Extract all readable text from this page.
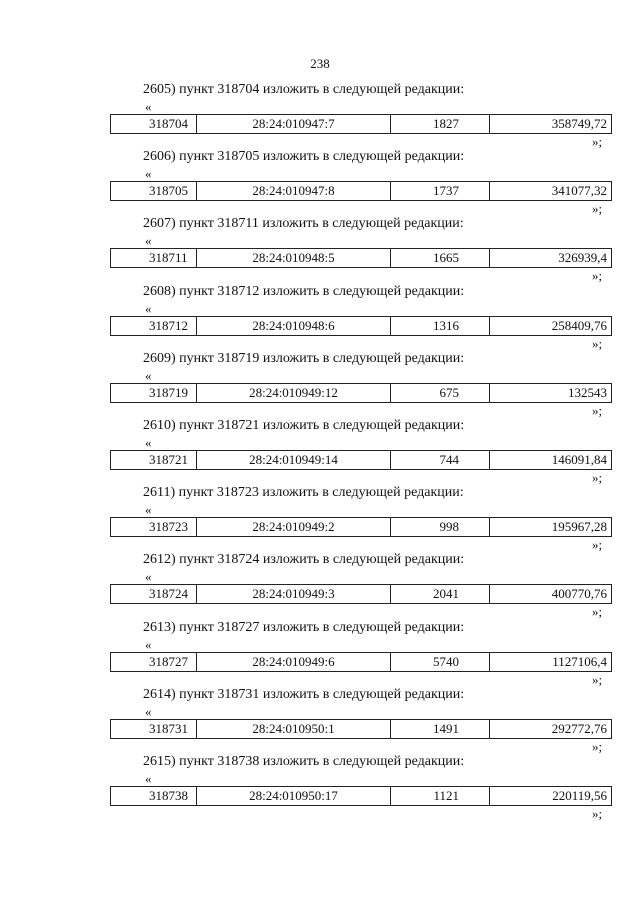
238
2605) пункт 318704 изложить в следующей редакции:
«
318704	28:24:010947:7	1827	358749,72
»;
2606) пункт 318705 изложить в следующей редакции:
«
318705	28:24:010947:8	1737	341077,32
»;
2607) пункт 318711 изложить в следующей редакции:
«
318711	28:24:010948:5	1665	326939,4
»;
2608) пункт 318712 изложить в следующей редакции:
«
318712	28:24:010948:6	1316	258409,76
»;
2609) пункт 318719 изложить в следующей редакции:
«
318719	28:24:010949:12	675	132543
»;
2610) пункт 318721 изложить в следующей редакции:
«
318721	28:24:010949:14	744	146091,84
»;
2611) пункт 318723 изложить в следующей редакции:
«
318723	28:24:010949:2	998	195967,28
»;
2612) пункт 318724 изложить в следующей редакции:
«
318724	28:24:010949:3	2041	400770,76
»;
2613) пункт 318727 изложить в следующей редакции:
«
318727	28:24:010949:6	5740	1127106,4
»;
2614) пункт 318731 изложить в следующей редакции:
«
318731	28:24:010950:1	1491	292772,76
»;
2615) пункт 318738 изложить в следующей редакции:
«
318738	28:24:010950:17	1121	220119,56
»;
